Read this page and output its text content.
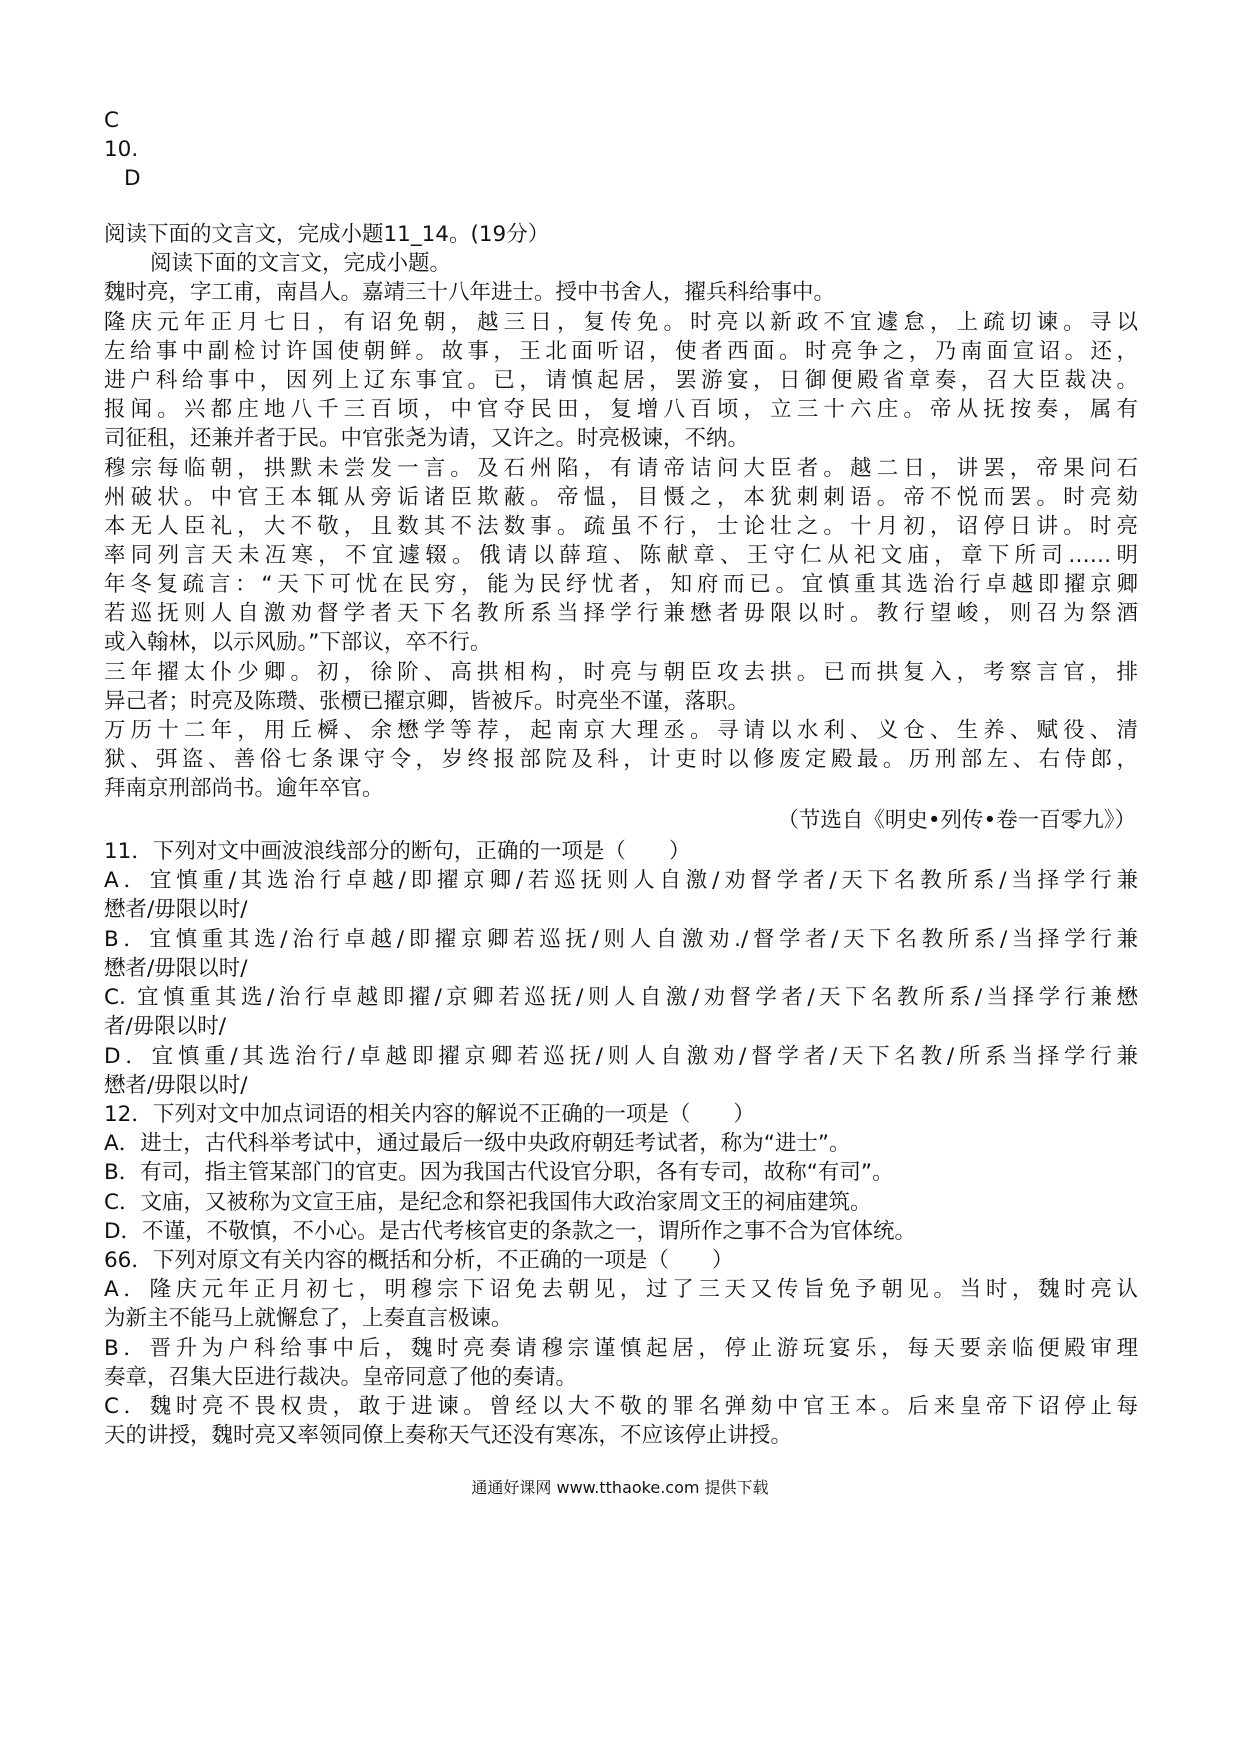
C
10.
D
阅读下面的文言文，完成小题11_14。(19分）
阅读下面的文言文，完成小题。
魏时亮，字工甫，南昌人。嘉靖三十八年进士。授中书舍人，擢兵科给事中。
隆庆元年正月七日，有诏免朝，越三日，复传免。时亮以新政不宜遽怠，上疏切谏。寻以
左给事中副检讨许国使朝鲜。故事，王北面听诏，使者西面。时亮争之，乃南面宣诏。还，
进户科给事中，因列上辽东事宜。已，请慎起居，罢游宴，日御便殿省章奏，召大臣裁决。
报闻。兴都庄地八千三百顷，中官夺民田，复增八百顷，立三十六庄。帝从抚按奏，属有
司征租，还兼并者于民。中官张尧为请，又许之。时亮极谏，不纳。
穆宗每临朝，拱默未尝发一言。及石州陷，有请帝诘问大臣者。越二日，讲罢，帝果问石
州破状。中官王本辄从旁诟诸臣欺蔽。帝愠，目慑之，本犹刺刺语。帝不悦而罢。时亮劾
本无人臣礼，大不敬，且数其不法数事。疏虽不行，士论壮之。十月初，诏停日讲。时亮
率同列言天未冱寒，不宜遽辍。俄请以薛瑄、陈献章、王守仁从祀文庙，章下所司……明
年冬复疏言：“天下可忧在民穷，能为民纾忧者，知府而已。宜慎重其选治行卓越即擢京卿
若巡抚则人自激劝督学者天下名教所系当择学行兼懋者毋限以时。教行望峻，则召为祭酒
或入翰林，以示风励。”下部议，卒不行。
三年擢太仆少卿。初，徐阶、高拱相构，时亮与朝臣攻去拱。已而拱复入，考察言官，排
异己者；时亮及陈瓒、张槚已擢京卿，皆被斥。时亮坐不谨，落职。
万历十二年，用丘橓、余懋学等荐，起南京大理丞。寻请以水利、义仓、生养、赋役、清
狱、弭盗、善俗七条课守令，岁终报部院及科，计吏时以修废定殿最。历刑部左、右侍郎，
拜南京刑部尚书。逾年卒官。
（节选自《明史•列传•卷一百零九》）
11．下列对文中画波浪线部分的断句，正确的一项是（　　）
A．宜慎重/其选治行卓越/即擢京卿/若巡抚则人自激/劝督学者/天下名教所系/当择学行兼
懋者/毋限以时/
B．宜慎重其选/治行卓越/即擢京卿若巡抚/则人自激劝./督学者/天下名教所系/当择学行兼
懋者/毋限以时/
C. 宜慎重其选/治行卓越即擢/京卿若巡抚/则人自激/劝督学者/天下名教所系/当择学行兼懋
者/毋限以时/
D．宜慎重/其选治行/卓越即擢京卿若巡抚/则人自激劝/督学者/天下名教/所系当择学行兼
懋者/毋限以时/
12．下列对文中加点词语的相关内容的解说不正确的一项是（　　）
A．进士，古代科举考试中，通过最后一级中央政府朝廷考试者，称为“进士”。
B．有司，指主管某部门的官吏。因为我国古代设官分职，各有专司，故称“有司”。
C．文庙，又被称为文宣王庙，是纪念和祭祀我国伟大政治家周文王的祠庙建筑。
D．不谨，不敬慎，不小心。是古代考核官吏的条款之一，谓所作之事不合为官体统。
66．下列对原文有关内容的概括和分析，不正确的一项是（　　）
A．隆庆元年正月初七，明穆宗下诏免去朝见，过了三天又传旨免予朝见。当时，魏时亮认
为新主不能马上就懈怠了，上奏直言极谏。
B．晋升为户科给事中后，魏时亮奏请穆宗谨慎起居，停止游玩宴乐，每天要亲临便殿审理
奏章，召集大臣进行裁决。皇帝同意了他的奏请。
C．魏时亮不畏权贵，敢于进谏。曾经以大不敬的罪名弹劾中官王本。后来皇帝下诏停止每
天的讲授，魏时亮又率领同僚上奏称天气还没有寒冻，不应该停止讲授。
通通好课网 www.tthaoke.com 提供下载
